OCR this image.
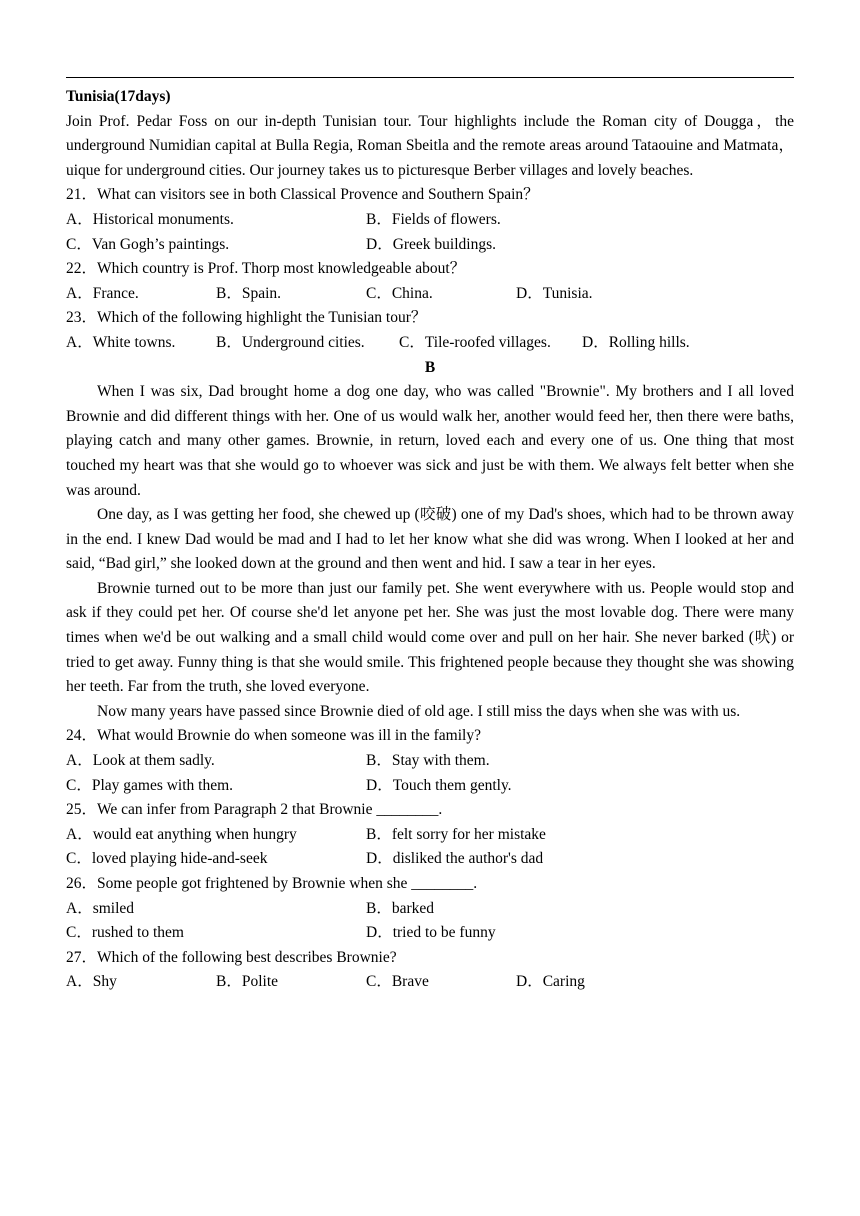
Tunisia(17days)
Join Prof. Pedar Foss on our in-depth Tunisian tour. Tour highlights include the Roman city of Dougga，the underground Numidian capital at Bulla Regia, Roman Sbeitla and the remote areas around Tataouine and Matmata，uique for underground cities. Our journey takes us to picturesque Berber villages and lovely beaches.
21．What can visitors see in both Classical Provence and Southern Spain？
A．Historical monuments.	B．Fields of flowers.
C．Van Gogh’s paintings.	D．Greek buildings.
22．Which country is Prof. Thorp most knowledgeable about？
A．France.	B．Spain.	C．China.	D．Tunisia.
23．Which of the following highlight the Tunisian tour？
A．White towns.	B．Underground cities.	C．Tile-roofed villages.	D．Rolling hills.
B
When I was six, Dad brought home a dog one day, who was called "Brownie". My brothers and I all loved Brownie and did different things with her. One of us would walk her, another would feed her, then there were baths, playing catch and many other games. Brownie, in return, loved each and every one of us. One thing that most touched my heart was that she would go to whoever was sick and just be with them. We always felt better when she was around.
One day, as I was getting her food, she chewed up (咬破) one of my Dad's shoes, which had to be thrown away in the end. I knew Dad would be mad and I had to let her know what she did was wrong. When I looked at her and said, “Bad girl,” she looked down at the ground and then went and hid. I saw a tear in her eyes.
Brownie turned out to be more than just our family pet. She went everywhere with us. People would stop and ask if they could pet her. Of course she'd let anyone pet her. She was just the most lovable dog. There were many times when we'd be out walking and a small child would come over and pull on her hair. She never barked (吠) or tried to get away. Funny thing is that she would smile. This frightened people because they thought she was showing her teeth. Far from the truth, she loved everyone.
Now many years have passed since Brownie died of old age. I still miss the days when she was with us.
24．What would Brownie do when someone was ill in the family?
A．Look at them sadly.	B．Stay with them.
C．Play games with them.	D．Touch them gently.
25．We can infer from Paragraph 2 that Brownie ________.
A．would eat anything when hungry	B．felt sorry for her mistake
C．loved playing hide-and-seek	D．disliked the author's dad
26．Some people got frightened by Brownie when she ________.
A．smiled	B．barked
C．rushed to them	D．tried to be funny
27．Which of the following best describes Brownie?
A．Shy	B．Polite	C．Brave	D．Caring
